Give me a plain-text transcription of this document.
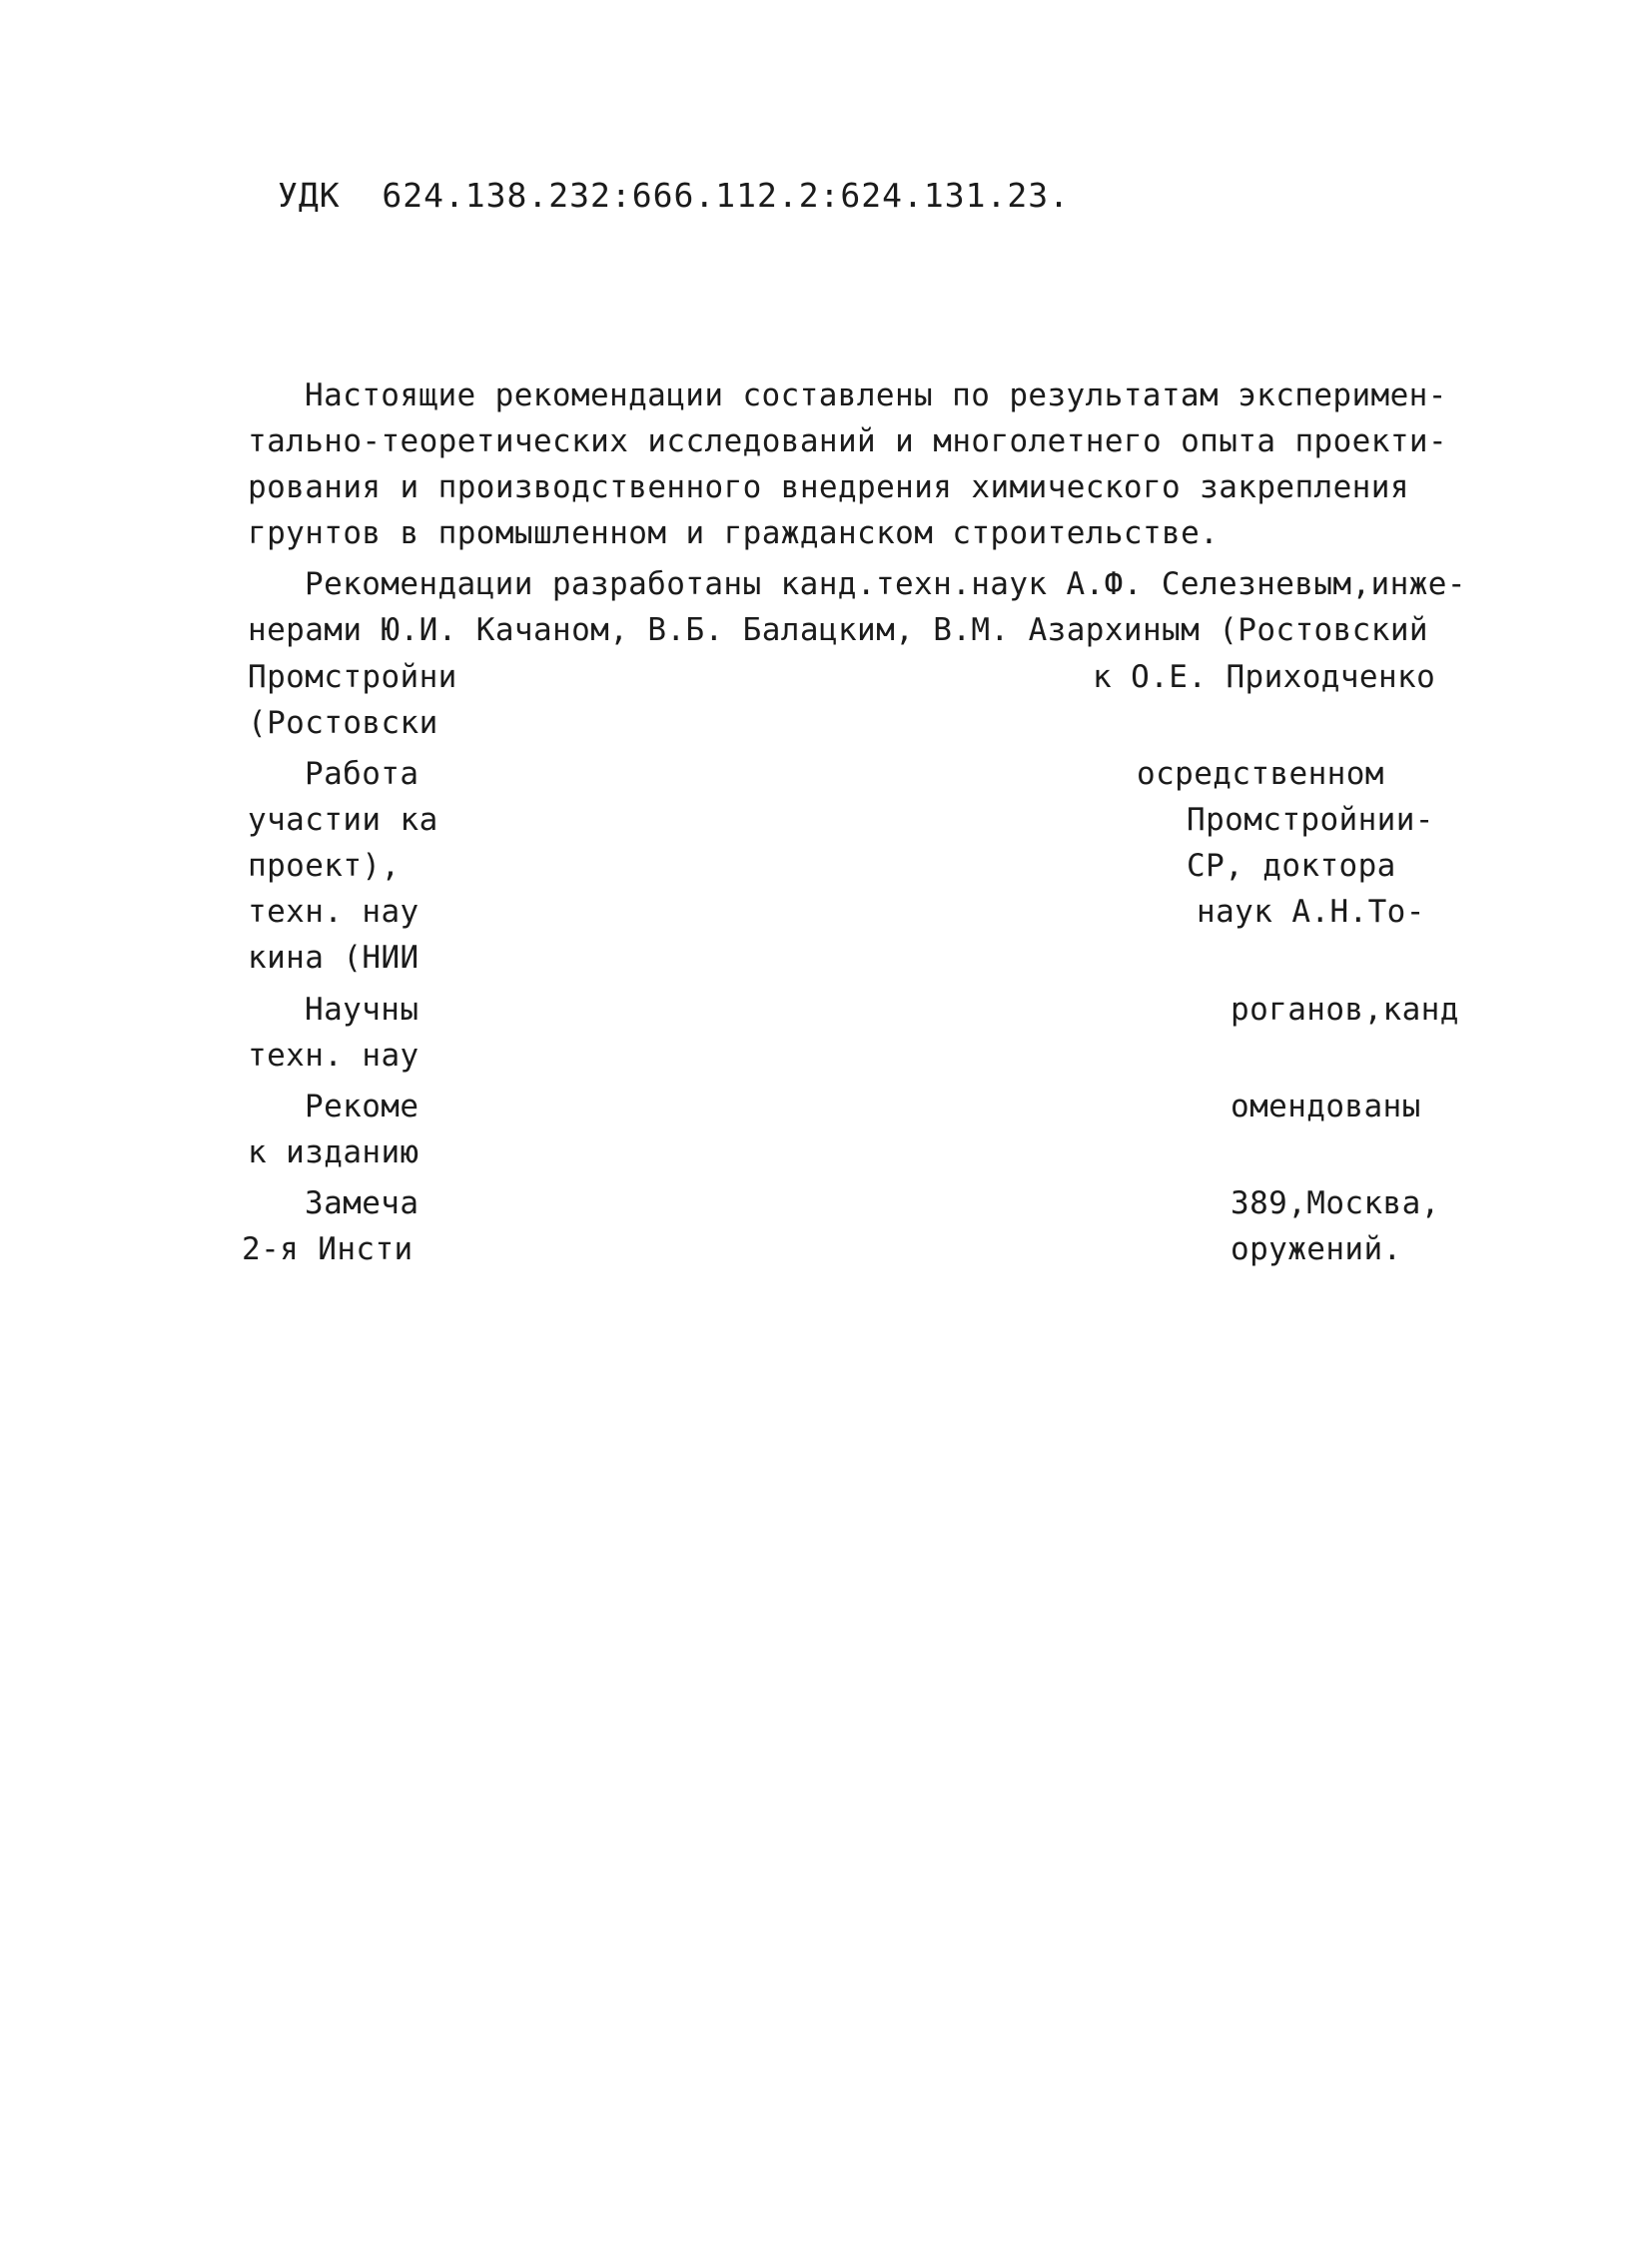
УДК  624.138.232:666.112.2:624.131.23.
Настоящие рекомендации составлены по результатам эксперимен-
тально-теоретических исследований и многолетнего опыта проекти-
рования и производственного внедрения химического закрепления
грунтов в промышленном и гражданском строительстве.
Рекомендации разработаны канд.техн.наук А.Ф. Селезневым,инже-
нерами Ю.И. Качаном, В.Б. Балацким, В.М. Азархиным (Ростовский
Промстройни	к О.Е. Приходченко
(Ростовски
Работа	осредственном
участии ка	Промстройнии-
проект),	СР, доктора
техн. нау	наук А.Н.То-
кина (НИИ
Научны	роганов,канд
техн. нау
Рекоме	омендованы
к изданию
Замеча	389,Москва,
2-я Инсти	оружений.
